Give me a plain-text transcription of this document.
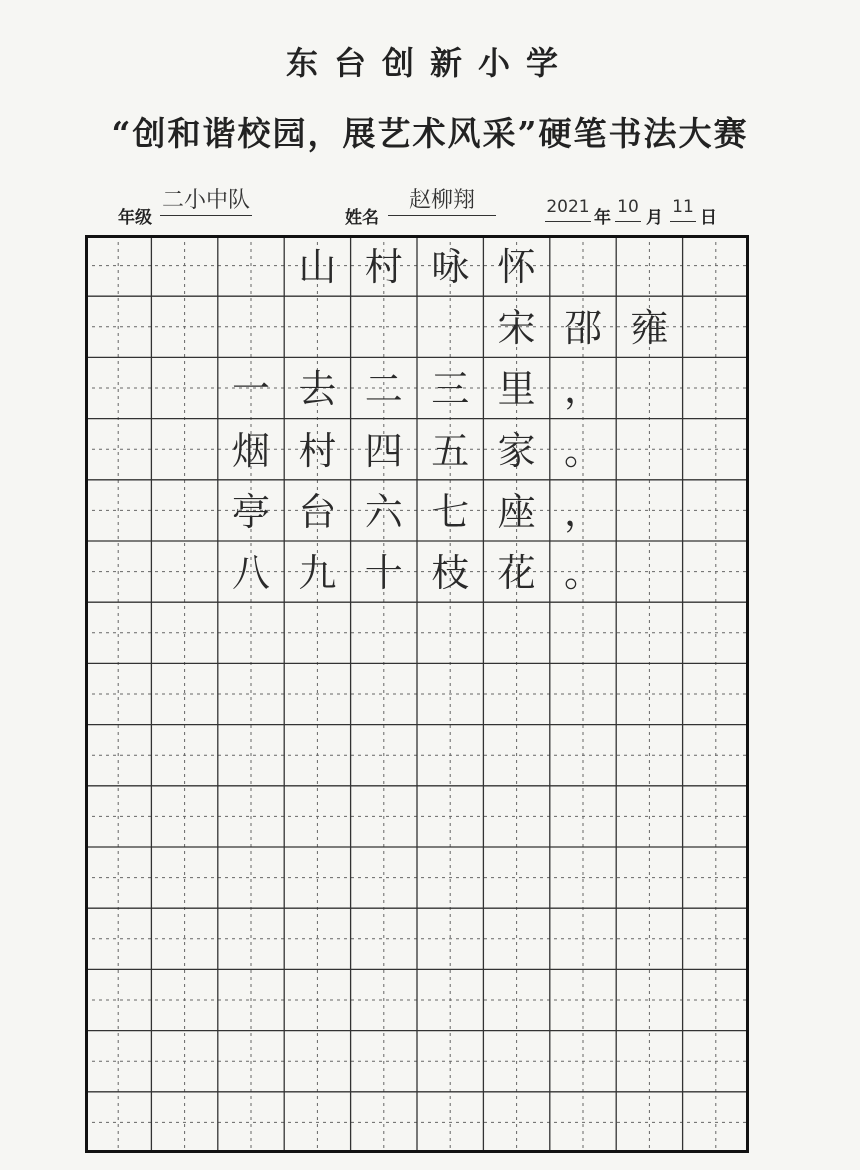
东台创新小学
“创和谐校园，展艺术风采”硬笔书法大赛
年级
二小中队
姓名
赵柳翔	2021
年
10
月
11
日
山 村 咏 怀
宋 邵 雍
一 去 二 三 里 ，
烟 村 四 五 家 。
亭 台 六 七 座 ，
八 九 十 枝 花 。
